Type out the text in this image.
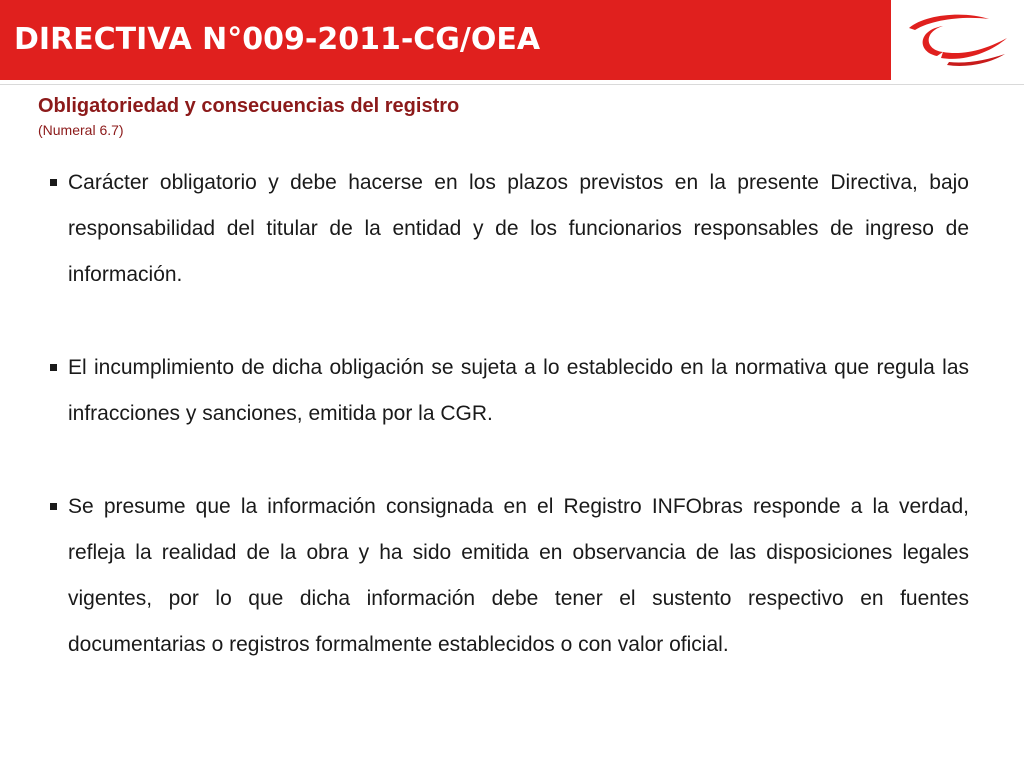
DIRECTIVA N°009-2011-CG/OEA
Obligatoriedad y consecuencias del registro
(Numeral 6.7)
Carácter obligatorio y debe hacerse en los plazos previstos en la presente Directiva, bajo responsabilidad del titular de la entidad y de los funcionarios responsables de ingreso de información.
El incumplimiento de dicha obligación se sujeta a lo establecido en la normativa que regula las infracciones y sanciones, emitida por la CGR.
Se presume que la información consignada en el Registro INFObras responde a la verdad, refleja la realidad de la obra y ha sido emitida en observancia de las disposiciones legales vigentes, por lo que dicha información debe tener el sustento respectivo en fuentes documentarias o registros formalmente establecidos o con valor oficial.
